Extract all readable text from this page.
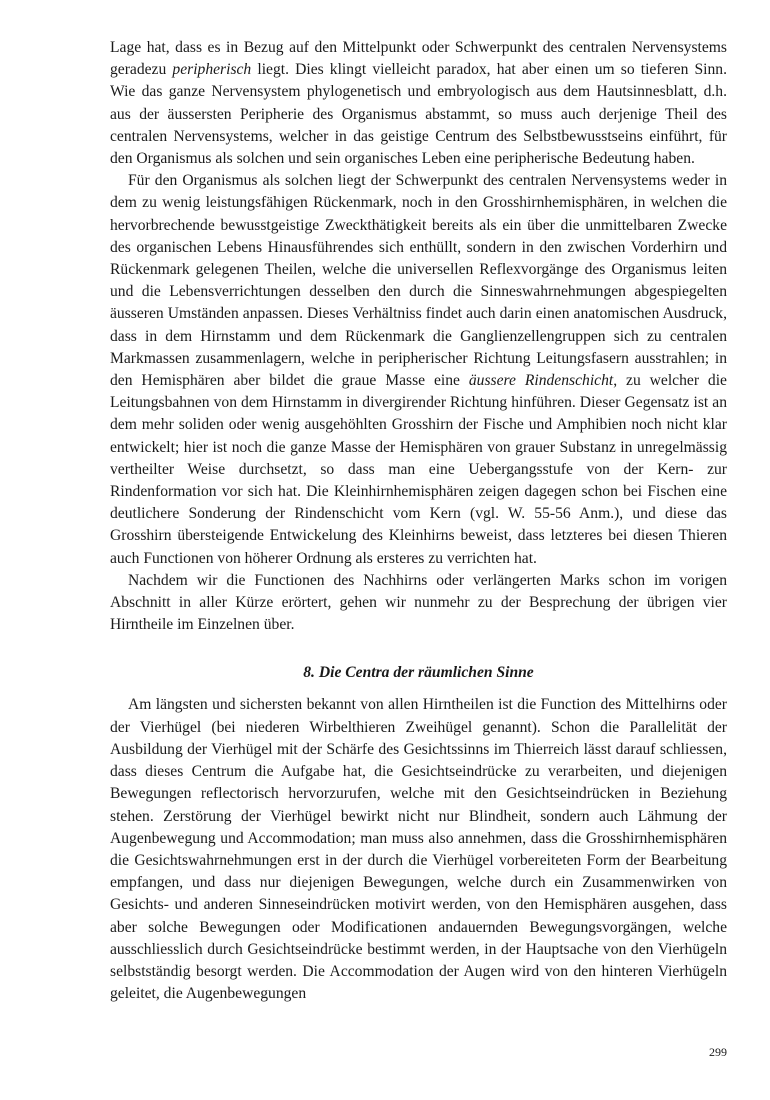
Lage hat, dass es in Bezug auf den Mittelpunkt oder Schwerpunkt des centralen Nervensystems geradezu peripherisch liegt. Dies klingt vielleicht paradox, hat aber einen um so tieferen Sinn. Wie das ganze Nervensystem phylogenetisch und embryologisch aus dem Hautsinnesblatt, d.h. aus der äussersten Peripherie des Organismus abstammt, so muss auch derjenige Theil des centralen Nervensystems, welcher in das geistige Centrum des Selbstbewusstseins einführt, für den Organismus als solchen und sein organisches Leben eine peripherische Bedeutung haben.

Für den Organismus als solchen liegt der Schwerpunkt des centralen Nervensystems weder in dem zu wenig leistungsfähigen Rückenmark, noch in den Grosshirnhemisphären, in welchen die hervorbrechende bewusstgeistige Zweckthätigkeit bereits als ein über die unmittelbaren Zwecke des organischen Lebens Hinausführendes sich enthüllt, sondern in den zwischen Vorderhirn und Rückenmark gelegenen Theilen, welche die universellen Reflexvorgänge des Organismus leiten und die Lebensverrichtungen desselben den durch die Sinneswahrnehmungen abgespiegelten äusseren Umständen anpassen. Dieses Verhältniss findet auch darin einen anatomischen Ausdruck, dass in dem Hirnstamm und dem Rückenmark die Ganglienzellengruppen sich zu centralen Markmassen zusammenlagern, welche in peripherischer Richtung Leitungsfasern ausstrahlen; in den Hemisphären aber bildet die graue Masse eine äussere Rindenschicht, zu welcher die Leitungsbahnen von dem Hirnstamm in divergirender Richtung hinführen. Dieser Gegensatz ist an dem mehr soliden oder wenig ausgehöhlten Grosshirn der Fische und Amphibien noch nicht klar entwickelt; hier ist noch die ganze Masse der Hemisphären von grauer Substanz in unregelmässig vertheilter Weise durchsetzt, so dass man eine Uebergangsstufe von der Kern- zur Rindenformation vor sich hat. Die Kleinhirnhemisphären zeigen dagegen schon bei Fischen eine deutlichere Sonderung der Rindenschicht vom Kern (vgl. W. 55-56 Anm.), und diese das Grosshirn übersteigende Entwickelung des Kleinhirns beweist, dass letzteres bei diesen Thieren auch Functionen von höherer Ordnung als ersteres zu verrichten hat.

Nachdem wir die Functionen des Nachhirns oder verlängerten Marks schon im vorigen Abschnitt in aller Kürze erörtert, gehen wir nunmehr zu der Besprechung der übrigen vier Hirntheile im Einzelnen über.

8. Die Centra der räumlichen Sinne

Am längsten und sichersten bekannt von allen Hirntheilen ist die Function des Mittelhirns oder der Vierhügel (bei niederen Wirbelthieren Zweihügel genannt). Schon die Parallelität der Ausbildung der Vierhügel mit der Schärfe des Gesichtssinns im Thierreich lässt darauf schliessen, dass dieses Centrum die Aufgabe hat, die Gesichtseindrücke zu verarbeiten, und diejenigen Bewegungen reflectorisch hervorzurufen, welche mit den Gesichtseindrücken in Beziehung stehen. Zerstörung der Vierhügel bewirkt nicht nur Blindheit, sondern auch Lähmung der Augenbewegung und Accommodation; man muss also annehmen, dass die Grosshirnhemisphären die Gesichtswahrnehmungen erst in der durch die Vierhügel vorbereiteten Form der Bearbeitung empfangen, und dass nur diejenigen Bewegungen, welche durch ein Zusammenwirken von Gesichts- und anderen Sinneseindrücken motivirt werden, von den Hemisphären ausgehen, dass aber solche Bewegungen oder Modificationen andauernden Bewegungsvorgängen, welche ausschliesslich durch Gesichtseindrücke bestimmt werden, in der Hauptsache von den Vierhügeln selbstständig besorgt werden. Die Accommodation der Augen wird von den hinteren Vierhügeln geleitet, die Augenbewegungen

299
